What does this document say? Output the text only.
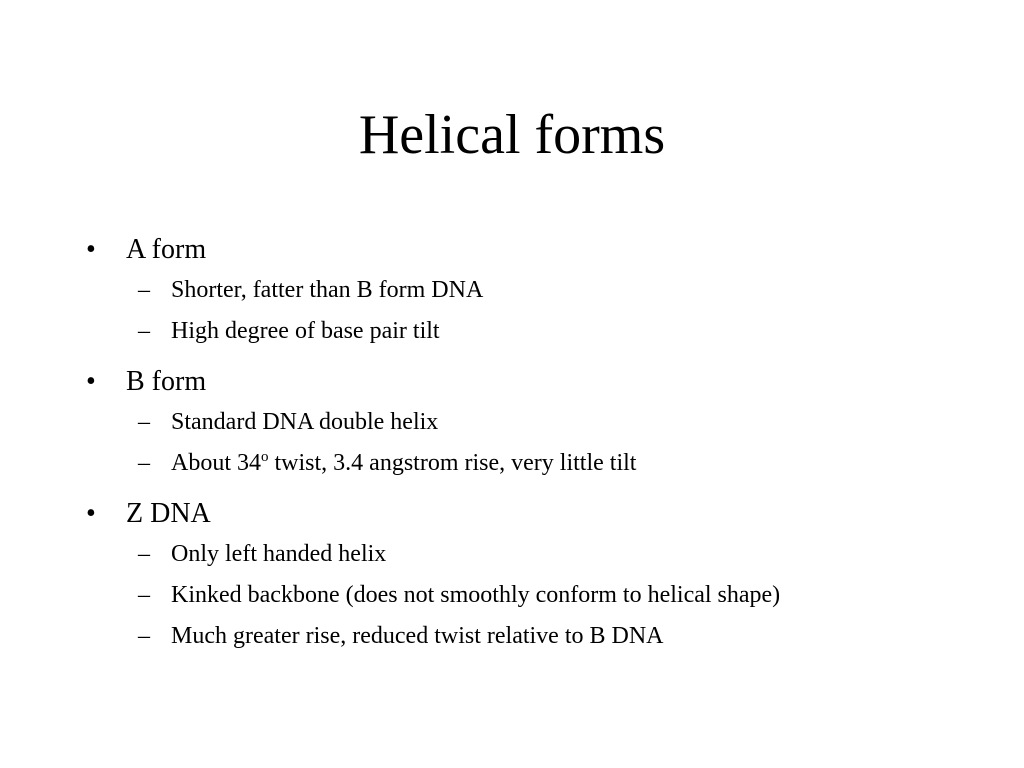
Helical forms
•	A form
– Shorter, fatter than B form DNA
– High degree of base pair tilt
•	B form
– Standard DNA double helix
– About 34$^o$ twist, 3.4 angstrom rise, very little tilt
•	Z DNA
– Only left handed helix
– Kinked backbone (does not smoothly conform to helical shape)
– Much greater rise, reduced twist relative to B DNA
